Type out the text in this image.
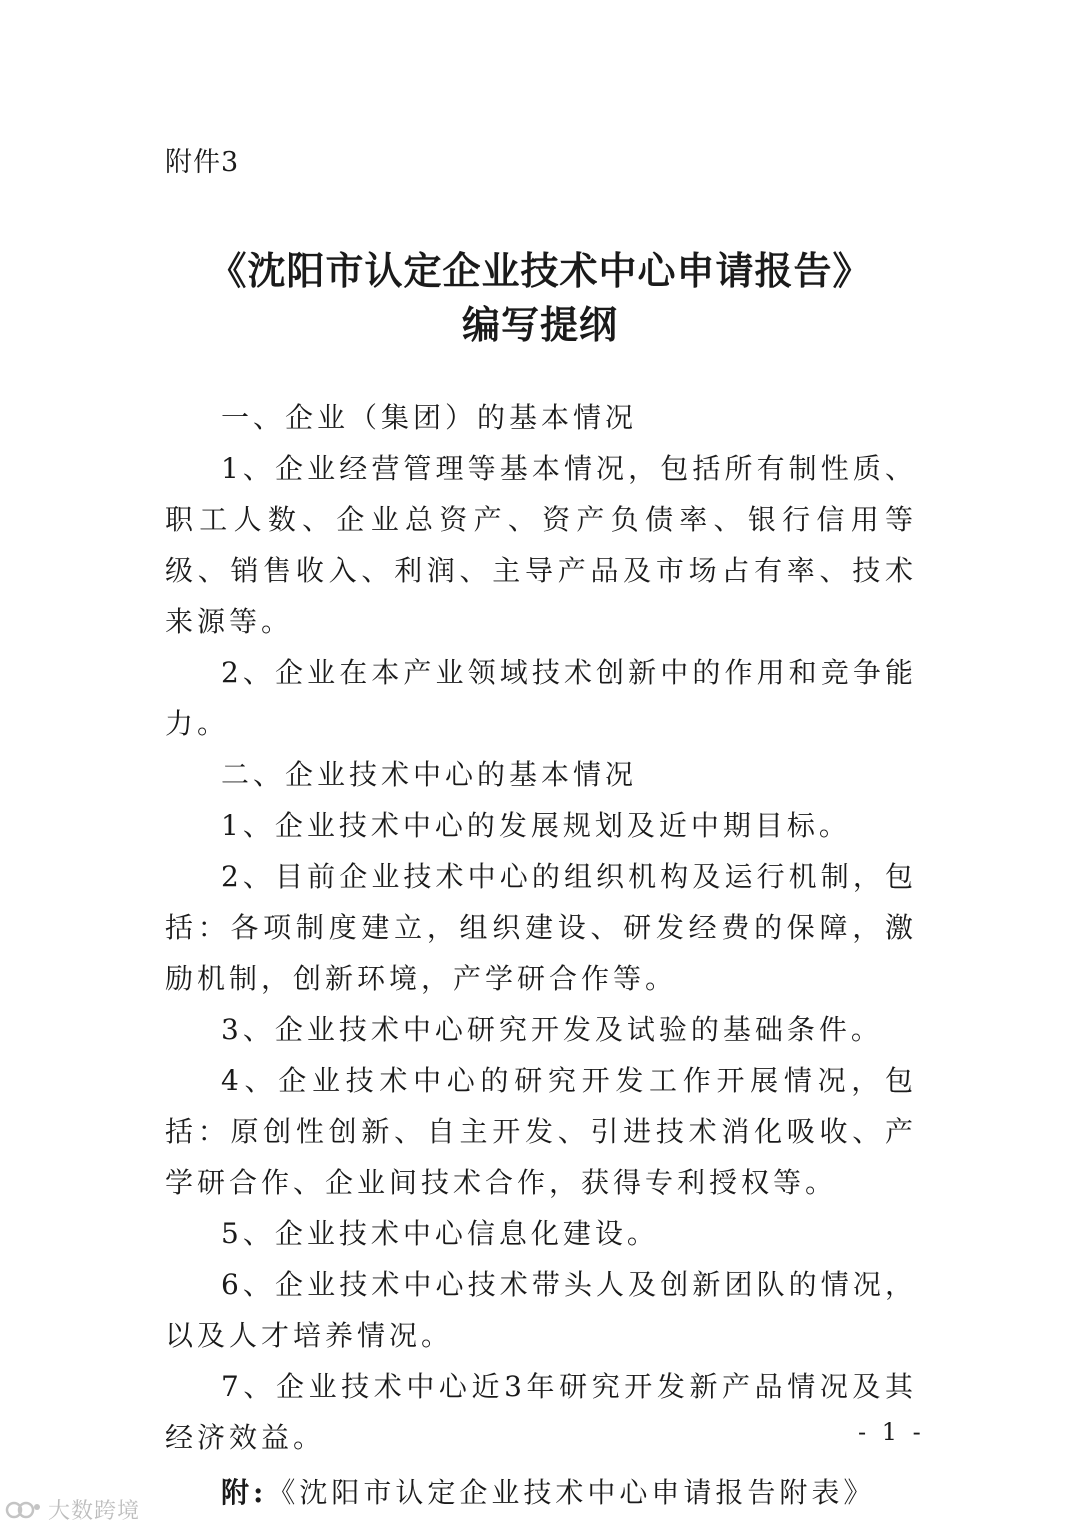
附件3
《沈阳市认定企业技术中心申请报告》
编写提纲

一、企业（集团）的基本情况

1、企业经营管理等基本情况，包括所有制性质、职工人数、企业总资产、资产负债率、银行信用等级、销售收入、利润、主导产品及市场占有率、技术来源等。

2、企业在本产业领域技术创新中的作用和竞争能力。

二、企业技术中心的基本情况

1、企业技术中心的发展规划及近中期目标。

2、目前企业技术中心的组织机构及运行机制，包括：各项制度建立，组织建设、研发经费的保障，激励机制，创新环境，产学研合作等。

3、企业技术中心研究开发及试验的基础条件。

4、企业技术中心的研究开发工作开展情况，包括：原创性创新、自主开发、引进技术消化吸收、产学研合作、企业间技术合作，获得专利授权等。

5、企业技术中心信息化建设。

6、企业技术中心技术带头人及创新团队的情况，以及人才培养情况。

7、企业技术中心近3年研究开发新产品情况及其经济效益。

附:《沈阳市认定企业技术中心申请报告附表》

- 1 -
大数跨境
